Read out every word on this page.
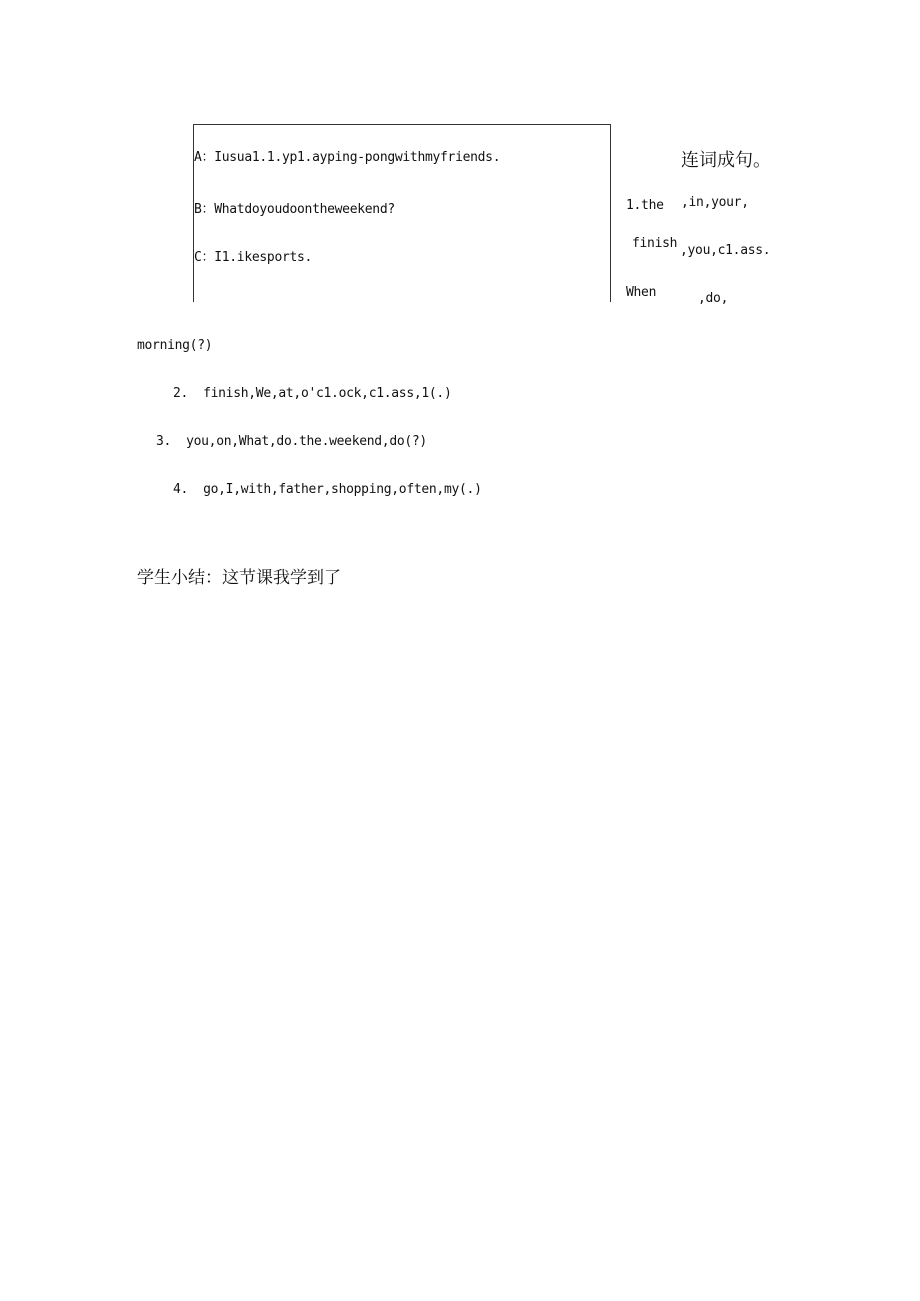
A：Iusua1.1.yp1.ayping-pongwithmyfriends.
B：Whatdoyoudoontheweekend?
C：I1.ikesports.
连词成句。
1.the ,in,your,
finish ,you,c1.ass.
When	,do,
morning(?)
2.  finish,We,at,o'c1.ock,c1.ass,1(.)
3.  you,on,What,do.the.weekend,do(?)
4.  go,I,with,father,shopping,often,my(.)
学生小结：这节课我学到了
